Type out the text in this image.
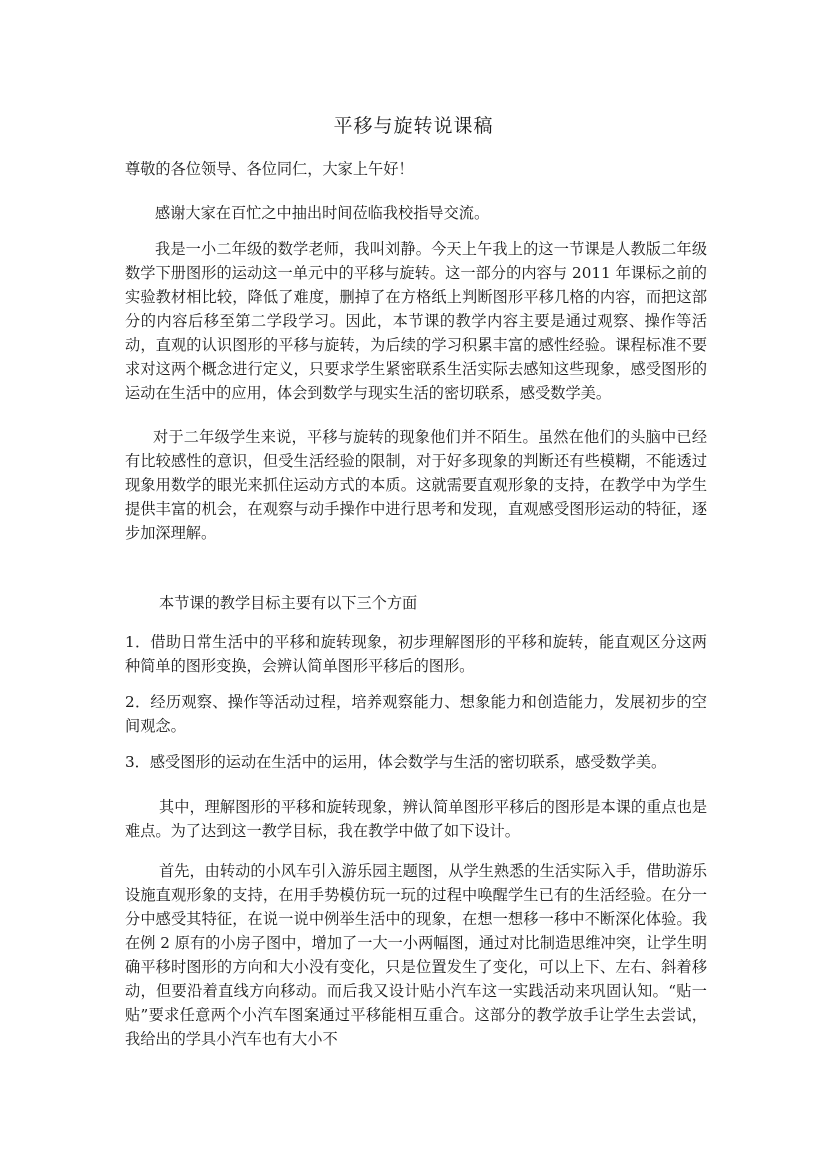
平移与旋转说课稿

尊敬的各位领导、各位同仁，大家上午好！

感谢大家在百忙之中抽出时间莅临我校指导交流。

我是一小二年级的数学老师，我叫刘静。今天上午我上的这一节课是人教版二年级数学下册图形的运动这一单元中的平移与旋转。这一部分的内容与 2011 年课标之前的实验教材相比较，降低了难度，删掉了在方格纸上判断图形平移几格的内容，而把这部分的内容后移至第二学段学习。因此，本节课的教学内容主要是通过观察、操作等活动，直观的认识图形的平移与旋转，为后续的学习积累丰富的感性经验。课程标准不要求对这两个概念进行定义，只要求学生紧密联系生活实际去感知这些现象，感受图形的运动在生活中的应用，体会到数学与现实生活的密切联系，感受数学美。

对于二年级学生来说，平移与旋转的现象他们并不陌生。虽然在他们的头脑中已经有比较感性的意识，但受生活经验的限制，对于好多现象的判断还有些模糊，不能透过现象用数学的眼光来抓住运动方式的本质。这就需要直观形象的支持，在教学中为学生提供丰富的机会，在观察与动手操作中进行思考和发现，直观感受图形运动的特征，逐步加深理解。

本节课的教学目标主要有以下三个方面

1．借助日常生活中的平移和旋转现象，初步理解图形的平移和旋转，能直观区分这两种简单的图形变换，会辨认简单图形平移后的图形。

2．经历观察、操作等活动过程，培养观察能力、想象能力和创造能力，发展初步的空间观念。

3．感受图形的运动在生活中的运用，体会数学与生活的密切联系，感受数学美。

其中，理解图形的平移和旋转现象，辨认简单图形平移后的图形是本课的重点也是难点。为了达到这一教学目标，我在教学中做了如下设计。

首先，由转动的小风车引入游乐园主题图，从学生熟悉的生活实际入手，借助游乐设施直观形象的支持，在用手势模仿玩一玩的过程中唤醒学生已有的生活经验。在分一分中感受其特征，在说一说中例举生活中的现象，在想一想移一移中不断深化体验。我在例 2 原有的小房子图中，增加了一大一小两幅图，通过对比制造思维冲突，让学生明确平移时图形的方向和大小没有变化，只是位置发生了变化，可以上下、左右、斜着移动，但要沿着直线方向移动。而后我又设计贴小汽车这一实践活动来巩固认知。“贴一贴”要求任意两个小汽车图案通过平移能相互重合。这部分的教学放手让学生去尝试，我给出的学具小汽车也有大小不
